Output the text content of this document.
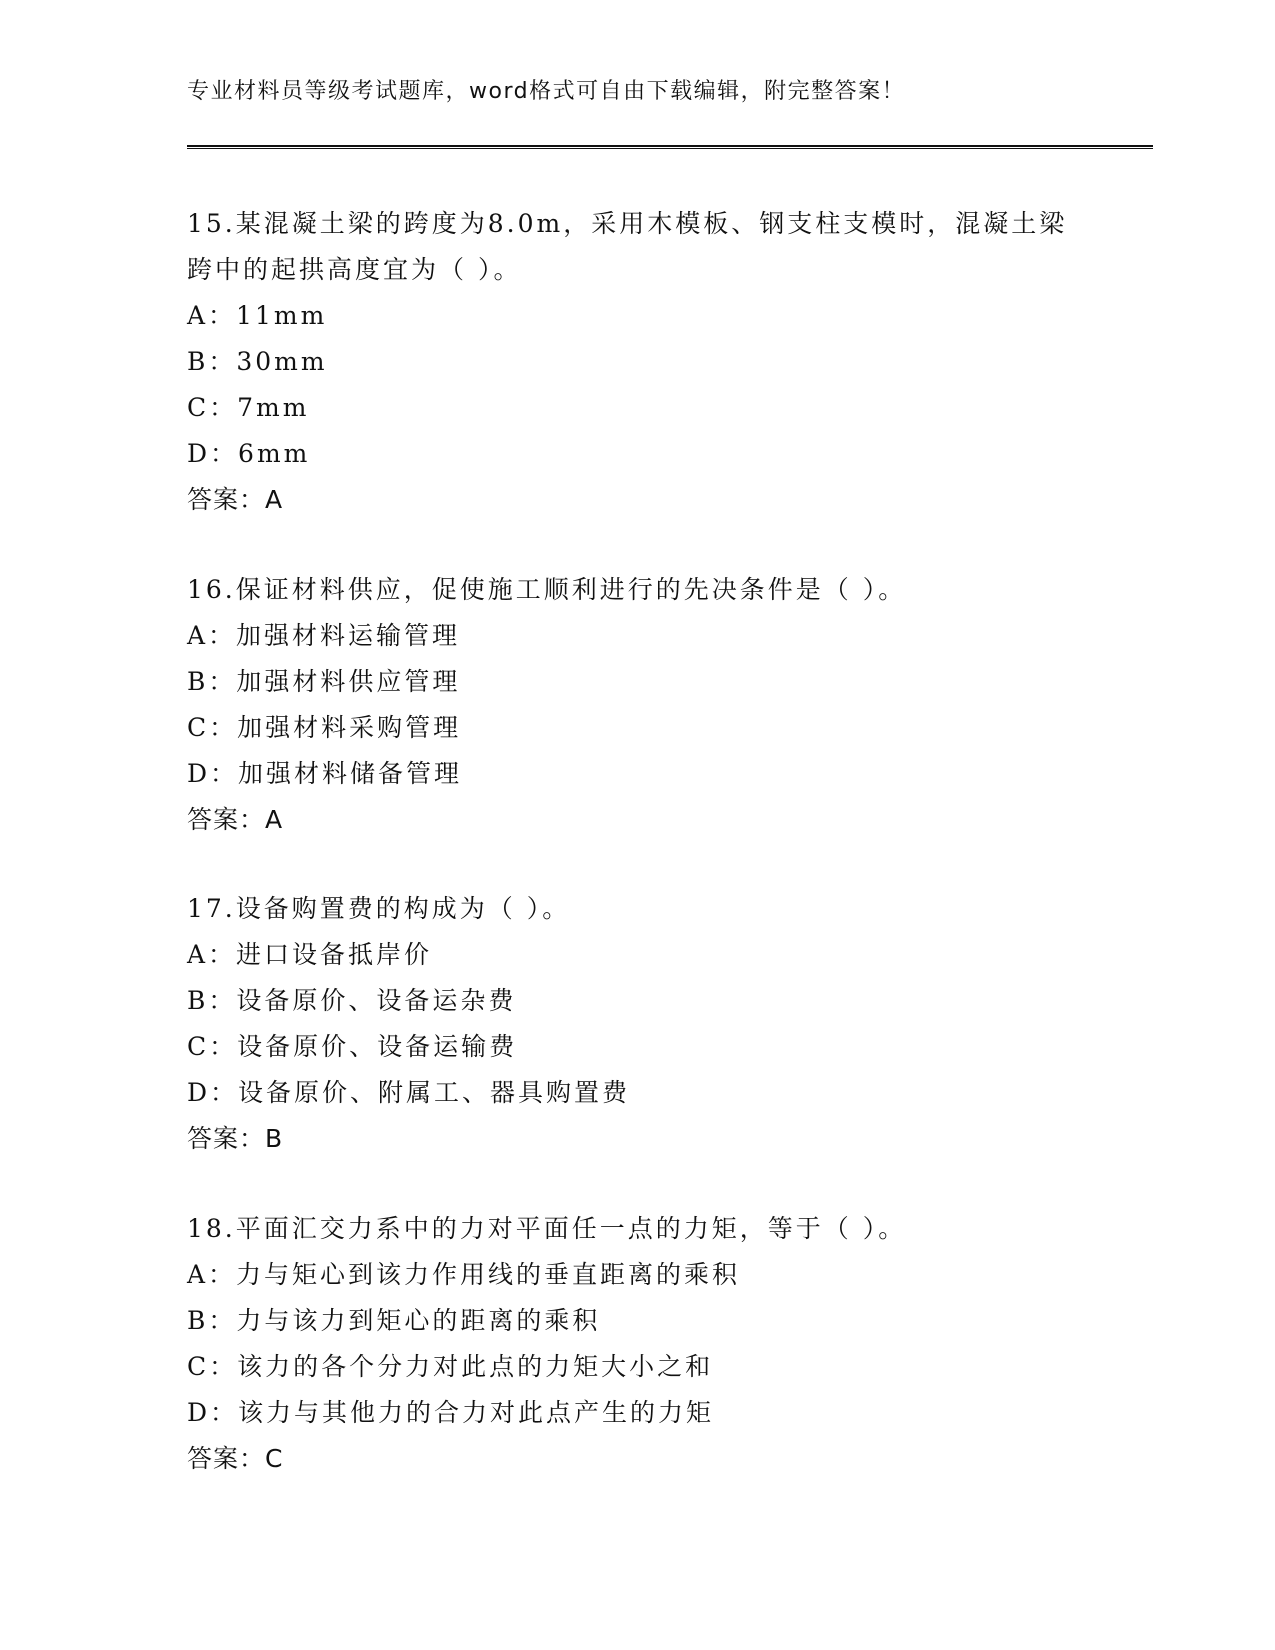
专业材料员等级考试题库，word格式可自由下载编辑，附完整答案！
15.某混凝土梁的跨度为8.0m，采用木模板、钢支柱支模时，混凝土梁跨中的起拱高度宜为（ ）。
A：11mm
B：30mm
C：7mm
D：6mm
答案：A
16.保证材料供应，促使施工顺利进行的先决条件是（ ）。
A：加强材料运输管理
B：加强材料供应管理
C：加强材料采购管理
D：加强材料储备管理
答案：A
17.设备购置费的构成为（ ）。
A：进口设备抵岸价
B：设备原价、设备运杂费
C：设备原价、设备运输费
D：设备原价、附属工、器具购置费
答案：B
18.平面汇交力系中的力对平面任一点的力矩，等于（ ）。
A：力与矩心到该力作用线的垂直距离的乘积
B：力与该力到矩心的距离的乘积
C：该力的各个分力对此点的力矩大小之和
D：该力与其他力的合力对此点产生的力矩
答案：C
